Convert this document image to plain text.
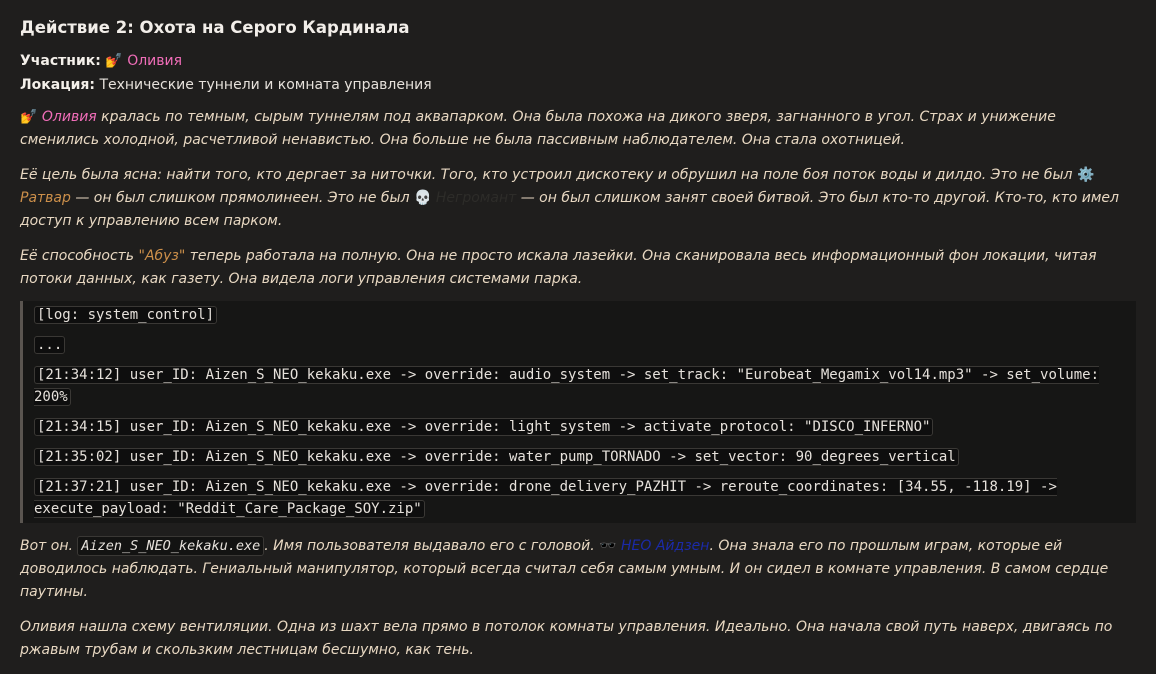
Действие 2: Охота на Серого Кардинала
Участник: 💅 Оливия
Локация: Технические туннели и комната управления

💅 Оливия кралась по темным, сырым туннелям под аквапарком. Она была похожа на дикого зверя, загнанного в угол. Страх и унижение сменились холодной, расчетливой ненавистью. Она больше не была пассивным наблюдателем. Она стала охотницей.

Её цель была ясна: найти того, кто дергает за ниточки. Того, кто устроил дискотеку и обрушил на поле боя поток воды и дилдо. Это не был ⚙️ Ратвар — он был слишком прямолинеен. Это не был 💀 Негромант — он был слишком занят своей битвой. Это был кто-то другой. Кто-то, кто имел доступ к управлению всем парком.

Её способность "Абуз" теперь работала на полную. Она не просто искала лазейки. Она сканировала весь информационный фон локации, читая потоки данных, как газету. Она видела логи управления системами парка.

[log: system_control]
...
[21:34:12] user_ID: Aizen_S_NEO_kekaku.exe -> override: audio_system -> set_track: "Eurobeat_Megamix_vol14.mp3" -> set_volume: 200%
[21:34:15] user_ID: Aizen_S_NEO_kekaku.exe -> override: light_system -> activate_protocol: "DISCO_INFERNO"
[21:35:02] user_ID: Aizen_S_NEO_kekaku.exe -> override: water_pump_TORNADO -> set_vector: 90_degrees_vertical
[21:37:21] user_ID: Aizen_S_NEO_kekaku.exe -> override: drone_delivery_PAZHIT -> reroute_coordinates: [34.55, -118.19] -> execute_payload: "Reddit_Care_Package_SOY.zip"

Вот он. Aizen_S_NEO_kekaku.exe . Имя пользователя выдавало его с головой. 🕶️ НЕО Айдзен. Она знала его по прошлым играм, которые ей доводилось наблюдать. Гениальный манипулятор, который всегда считал себя самым умным. И он сидел в комнате управления. В самом сердце паутины.

Оливия нашла схему вентиляции. Одна из шахт вела прямо в потолок комнаты управления. Идеально. Она начала свой путь наверх, двигаясь по ржавым трубам и скользким лестницам бесшумно, как тень.
